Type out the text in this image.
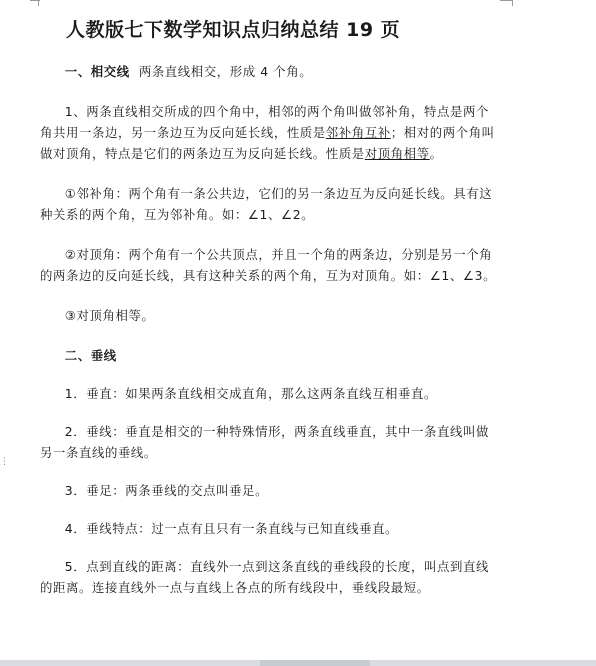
⋮
人教版七下数学知识点归纳总结 19 页

一、相交线 两条直线相交，形成 4 个角。

1、两条直线相交所成的四个角中，相邻的两个角叫做邻补角，特点是两个角共用一条边，另一条边互为反向延长线，性质是邻补角互补；相对的两个角叫做对顶角，特点是它们的两条边互为反向延长线。性质是对顶角相等。

①邻补角：两个角有一条公共边，它们的另一条边互为反向延长线。具有这种关系的两个角，互为邻补角。如：∠1、∠2。

②对顶角：两个角有一个公共顶点，并且一个角的两条边，分别是另一个角的两条边的反向延长线，具有这种关系的两个角，互为对顶角。如：∠1、∠3。

③对顶角相等。

二、垂线

1．垂直：如果两条直线相交成直角，那么这两条直线互相垂直。

2．垂线：垂直是相交的一种特殊情形，两条直线垂直，其中一条直线叫做另一条直线的垂线。

3．垂足：两条垂线的交点叫垂足。

4．垂线特点：过一点有且只有一条直线与已知直线垂直。

5．点到直线的距离：直线外一点到这条直线的垂线段的长度，叫点到直线的距离。连接直线外一点与直线上各点的所有线段中，垂线段最短。
